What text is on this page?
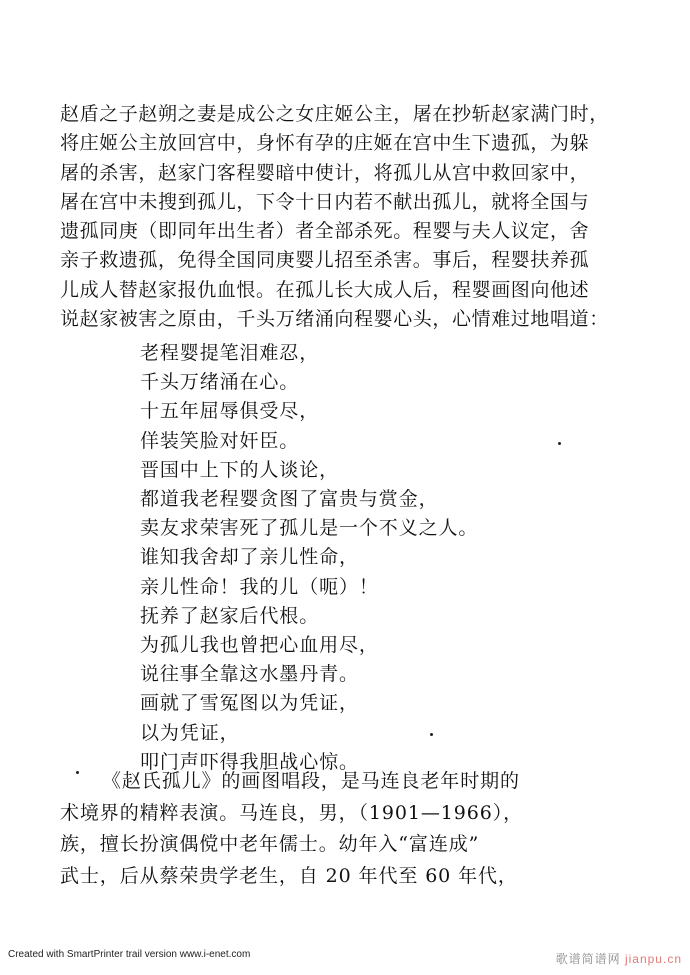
赵盾之子赵朔之妻是成公之女庄姬公主，屠在抄斩赵家满门时，

将庄姬公主放回宫中，身怀有孕的庄姬在宫中生下遗孤，为躲

屠的杀害，赵家门客程婴暗中使计，将孤儿从宫中救回家中，

屠在宫中未搜到孤儿，下令十日内若不献出孤儿，就将全国与

遗孤同庚（即同年出生者）者全部杀死。程婴与夫人议定，舍

亲子救遗孤，免得全国同庚婴儿招至杀害。事后，程婴扶养孤

儿成人替赵家报仇血恨。在孤儿长大成人后，程婴画图向他述

说赵家被害之原由，千头万绪涌向程婴心头，心情难过地唱道：

老程婴提笔泪难忍，

千头万绪涌在心。

十五年屈辱俱受尽，

佯装笑脸对奸臣。

晋国中上下的人谈论，

都道我老程婴贪图了富贵与赏金，

卖友求荣害死了孤儿是一个不义之人。

谁知我舍却了亲儿性命，

亲儿性命！我的儿（呃）！

抚养了赵家后代根。

为孤儿我也曾把心血用尽，

说往事全靠这水墨丹青。

画就了雪冤图以为凭证，

以为凭证，

叩门声吓得我胆战心惊。

《赵氏孤儿》的画图唱段，是马连良老年时期的

术境界的精粹表演。马连良，男，（1901—1966），

族，擅长扮演偶傥中老年儒士。幼年入“富连成”

武士，后从蔡荣贵学老生，自 20 年代至 60 年代，

Created with SmartPrinter trail version www.i-enet.com	歌谱简谱网 jianpu.cn
